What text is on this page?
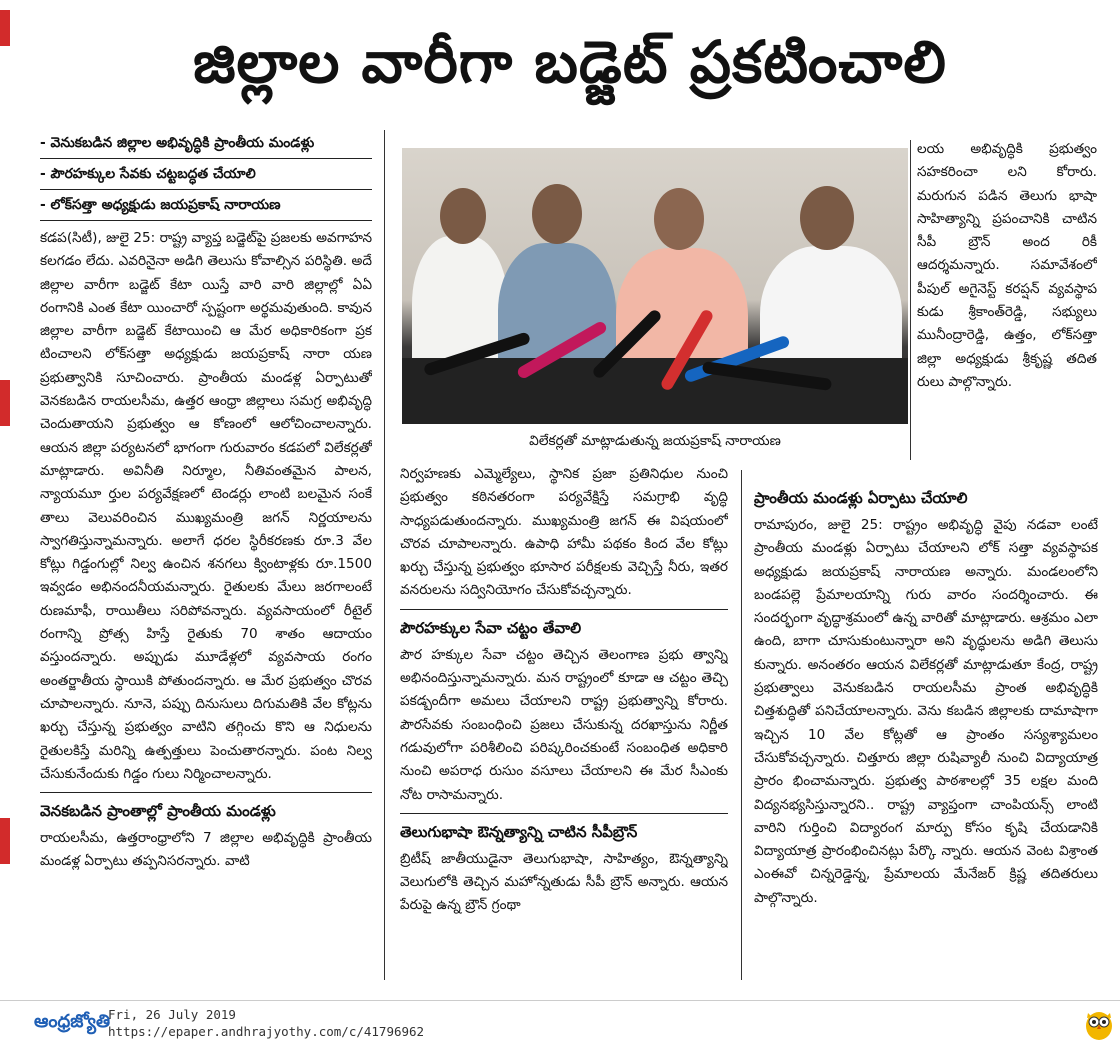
జిల్లాల వారీగా బడ్జెట్ ప్రకటించాలి
- వెనుకబడిన జిల్లాల అభివృద్ధికి ప్రాంతీయ మండళ్లు
- పౌరహక్కుల సేవకు చట్టబద్ధత చేయాలి
- లోక్‌సత్తా అధ్యక్షుడు జయప్రకాష్ నారాయణ

కడప(సిటీ), జులై 25: రాష్ట్ర వ్యాప్త బడ్జెట్‌పై ప్రజలకు అవగాహన కలగడం లేదు. ఎవరినైనా అడిగి తెలుసు కోవాల్సిన పరిస్థితి. అదే జిల్లాల వారీగా బడ్జెట్ కేటా యిస్తే వారి వారి జిల్లాల్లో ఏఏ రంగానికి ఎంత కేటా యించారో స్పష్టంగా అర్థమవుతుంది. కావున జిల్లాల వారీగా బడ్జెట్ కేటాయించి ఆ మేర అధికారికంగా ప్రక టించాలని లోక్‌సత్తా అధ్యక్షుడు జయప్రకాష్ నారా యణ ప్రభుత్వానికి సూచించారు. ప్రాంతీయ మండళ్ల ఏర్పాటుతో వెనకబడిన రాయలసీమ, ఉత్తర ఆంధ్రా జిల్లాలు సమగ్ర అభివృద్ధి చెందుతాయని ప్రభుత్వం ఆ కోణంలో ఆలోచించాలన్నారు. ఆయన జిల్లా పర్యటనలో భాగంగా గురువారం కడపలో విలేకర్లతో మాట్లాడారు. అవినీతి నిర్మూల, నీతివంతమైన పాలన, న్యాయమూ ర్తుల పర్యవేక్షణలో టెండర్లు లాంటి బలమైన సంకే తాలు వెలువరించిన ముఖ్యమంత్రి జగన్ నిర్ణయాలను స్వాగతిస్తున్నామన్నారు. అలాగే ధరల స్థిరీకరణకు రూ.3 వేల కోట్లు గిడ్డంగుల్లో నిల్వ ఉంచిన శనగలు క్వింటాళ్లకు రూ.1500 ఇవ్వడం అభినందనీయమన్నారు. రైతులకు మేలు జరగాలంటే రుణమాఫీ, రాయితీలు సరిపోవన్నారు. వ్యవసాయంలో రీటైల్ రంగాన్ని ప్రోత్స హిస్తే రైతుకు 70 శాతం ఆదాయం వస్తుందన్నారు. అప్పుడు మూడేళ్లలో వ్యవసాయ రంగం అంతర్జాతీయ స్థాయికి పోతుందన్నారు. ఆ మేర ప్రభుత్వం చొరవ చూపాలన్నారు. నూనె, పప్పు దినుసులు దిగుమతికి వేల కోట్లను ఖర్చు చేస్తున్న ప్రభుత్వం వాటిని తగ్గించు కొని ఆ నిధులను రైతులకిస్తే మరిన్ని ఉత్పత్తులు పెంచుతారన్నారు. పంట నిల్వ చేసుకునేందుకు గిడ్డం గులు నిర్మించాలన్నారు.

వెనకబడిన ప్రాంతాల్లో ప్రాంతీయ మండళ్లు

రాయలసీమ, ఉత్తరాంధ్రాలోని 7 జిల్లాల అభివృద్ధికి ప్రాంతీయ మండళ్ల ఏర్పాటు తప్పనిసరన్నారు. వాటి

విలేకర్లతో మాట్లాడుతున్న జయప్రకాష్ నారాయణ

లయ అభివృద్ధికి ప్రభుత్వం సహకరించా లని కోరారు. మరుగున పడిన తెలుగు భాషా సాహిత్యాన్ని ప్రపంచానికి చాటిన సీపీ బ్రౌన్ అంద రికీ ఆదర్శమన్నారు. సమావేశంలో పీపుల్ అగైనెస్ట్ కరప్షన్ వ్యవస్థాప కుడు శ్రీకాంత్‌రెడ్డి, సభ్యులు మునీంద్రారెడ్డి, ఉత్తం, లోక్‌సత్తా జిల్లా అధ్యక్షుడు శ్రీకృష్ణ తదిత రులు పాల్గొన్నారు.

నిర్వహణకు ఎమ్మెల్యేలు, స్థానిక ప్రజా ప్రతినిధుల నుంచి ప్రభుత్వం కఠినతరంగా పర్యవేక్షిస్తే సమగ్రాభి వృద్ధి సాధ్యపడుతుందన్నారు. ముఖ్యమంత్రి జగన్ ఈ విషయంలో చొరవ చూపాలన్నారు. ఉపాధి హామీ పథకం కింద వేల కోట్లు ఖర్చు చేస్తున్న ప్రభుత్వం భూసార పరీక్షలకు వెచ్చిస్తే నీరు, ఇతర వనరులను సద్వినియోగం చేసుకోవచ్చన్నారు.

పౌరహక్కుల సేవా చట్టం తేవాలి

పౌర హక్కుల సేవా చట్టం తెచ్చిన తెలంగాణ ప్రభు త్వాన్ని అభినందిస్తున్నామన్నారు. మన రాష్ట్రంలో కూడా ఆ చట్టం తెచ్చి పకడ్బందీగా అమలు చేయాలని రాష్ట్ర ప్రభుత్వాన్ని కోరారు. పౌరసేవకు సంబంధించి ప్రజలు చేసుకున్న దరఖాస్తును నిర్ణీత గడువులోగా పరిశీలించి పరిష్కరించకుంటే సంబంధిత అధికారి నుంచి అపరాధ రుసుం వసూలు చేయాలని ఈ మేర సీఎంకు నోట రాసామన్నారు.

తెలుగుభాషా ఔన్నత్యాన్ని చాటిన సీపీబ్రౌన్

బ్రిటీష్ జాతీయుడైనా తెలుగుభాషా, సాహిత్యం, ఔన్నత్యాన్ని వెలుగులోకి తెచ్చిన మహోన్నతుడు సీపీ బ్రౌన్ అన్నారు. ఆయన పేరుపై ఉన్న బ్రౌన్ గ్రంథా

ప్రాంతీయ మండళ్లు ఏర్పాటు చేయాలి

రామాపురం, జులై 25: రాష్ట్రం అభివృద్ధి వైపు నడవా లంటే ప్రాంతీయ మండళ్లు ఏర్పాటు చేయాలని లోక్ సత్తా వ్యవస్థాపక అధ్యక్షుడు జయప్రకాష్ నారాయణ అన్నారు. మండలంలోని బండపల్లె ప్రేమాలయాన్ని గురు వారం సందర్శించారు. ఈ సందర్భంగా వృద్ధాశ్రమంలో ఉన్న వారితో మాట్లాడారు. ఆశ్రమం ఎలా ఉంది, బాగా చూసుకుంటున్నారా అని వృద్ధులను అడిగి తెలుసు కున్నారు. అనంతరం ఆయన విలేకర్లతో మాట్లాడుతూ కేంద్ర, రాష్ట్ర ప్రభుత్వాలు వెనుకబడిన రాయలసీమ ప్రాంత అభివృద్ధికి చిత్తశుద్ధితో పనిచేయాలన్నారు. వెను కబడిన జిల్లాలకు దామాషాగా ఇచ్చిన 10 వేల కోట్లతో ఆ ప్రాంతం సస్యశ్యామలం చేసుకోవచ్చన్నారు. చిత్తూరు జిల్లా రుషివ్యాలీ నుంచి విద్యాయాత్ర ప్రారం భించామన్నారు. ప్రభుత్వ పాఠశాలల్లో 35 లక్షల మంది విద్యనభ్యసిస్తున్నారని.. రాష్ట్ర వ్యాప్తంగా చాంపియన్స్ లాంటి వారిని గుర్తించి విద్యారంగ మార్పు కోసం కృషి చేయడానికి విద్యాయాత్ర ప్రారంభించినట్లు పేర్కొ న్నారు. ఆయన వెంట విశ్రాంత ఎంఈవో చిన్నరెడ్డెన్న, ప్రేమాలయ మేనేజర్ క్రిష్ణ తదితరులు పాల్గొన్నారు.

ఆంధ్రజ్యోతి
Fri, 26 July 2019
https://epaper.andhrajyothy.com/c/41796962
